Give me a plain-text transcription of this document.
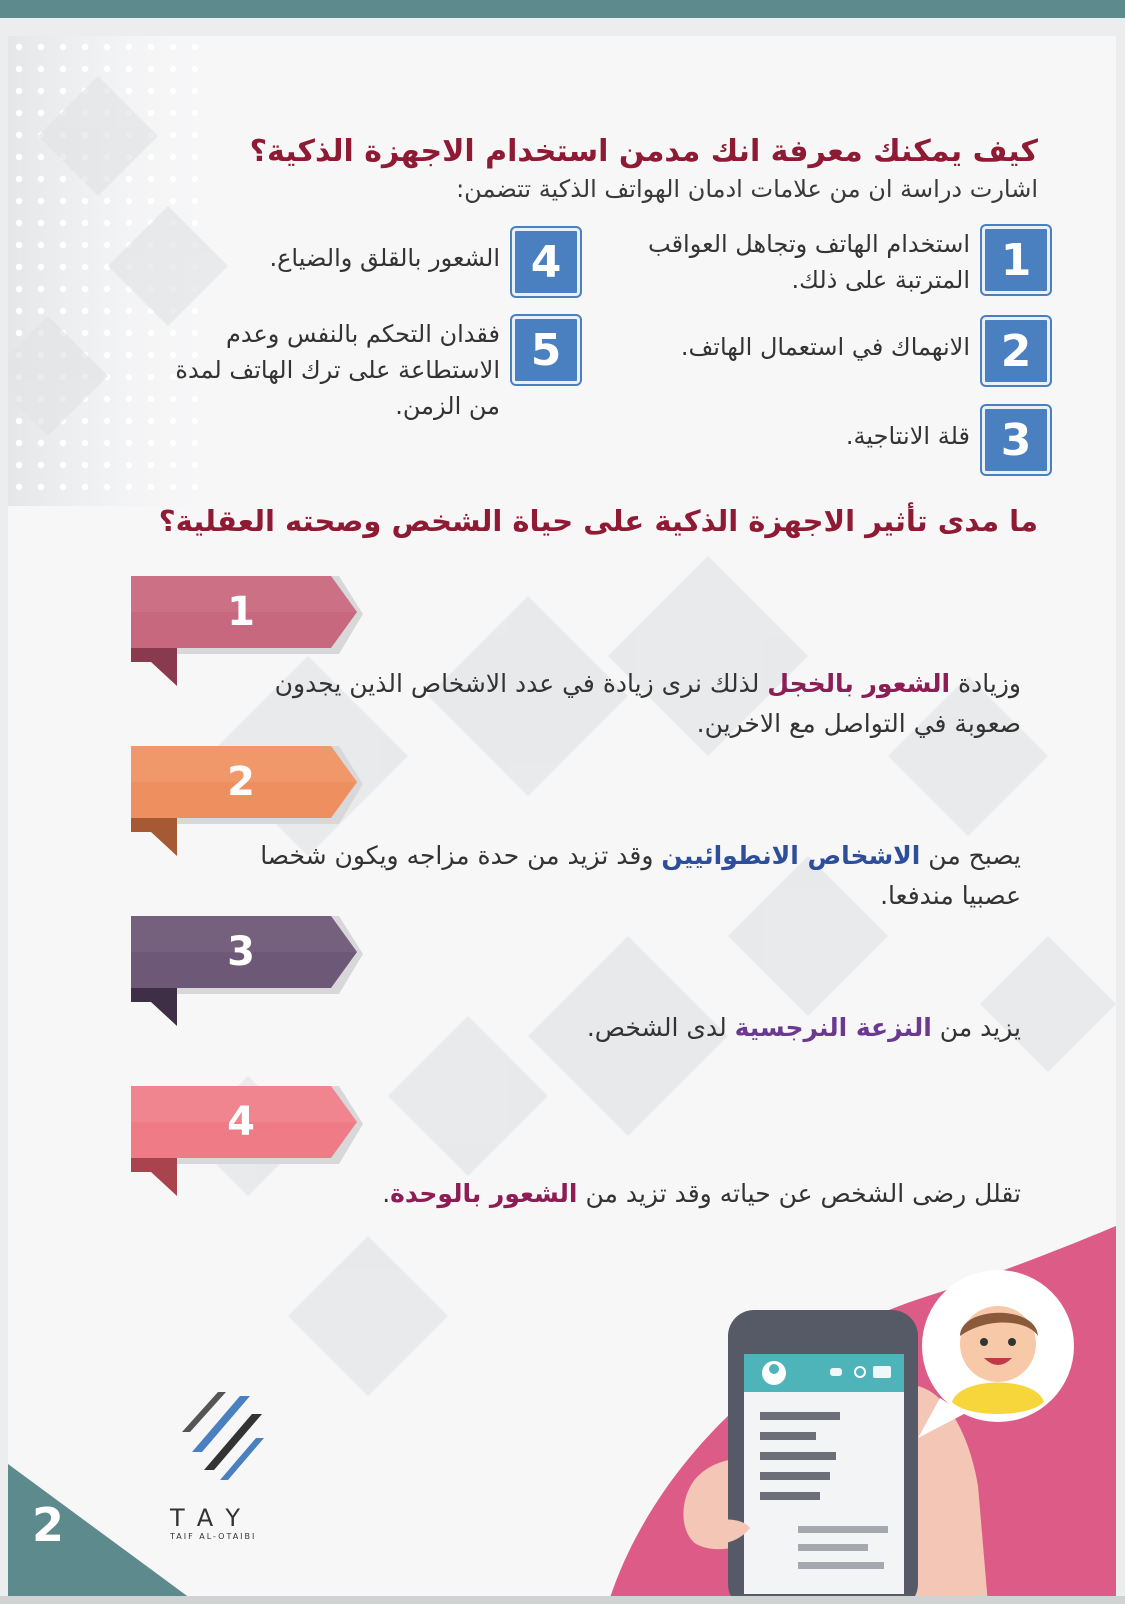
كيف يمكنك معرفة انك مدمن استخدام الاجهزة الذكية؟

اشارت دراسة ان من علامات ادمان الهواتف الذكية تتضمن:

1
استخدام الهاتف وتجاهل العواقب المترتبة على ذلك.
2
الانهماك في استعمال الهاتف.
3
قلة الانتاجية.
4
الشعور بالقلق والضياع.
5
فقدان التحكم بالنفس وعدم الاستطاعة على ترك الهاتف لمدة من الزمن.
ما مدى تأثير الاجهزة الذكية على حياة الشخص وصحته العقلية؟
1

وزيادة الشعور بالخجل لذلك نرى زيادة في عدد الاشخاص الذين يجدون صعوبة في التواصل مع الاخرين.

2

يصبح من الاشخاص الانطوائيين وقد تزيد من حدة مزاجه ويكون شخصا عصبيا مندفعا.

3

يزيد من النزعة النرجسية لدى الشخص.

4

تقلل رضى الشخص عن حياته وقد تزيد من الشعور بالوحدة.

2	TAY
TAIF AL-OTAIBI
